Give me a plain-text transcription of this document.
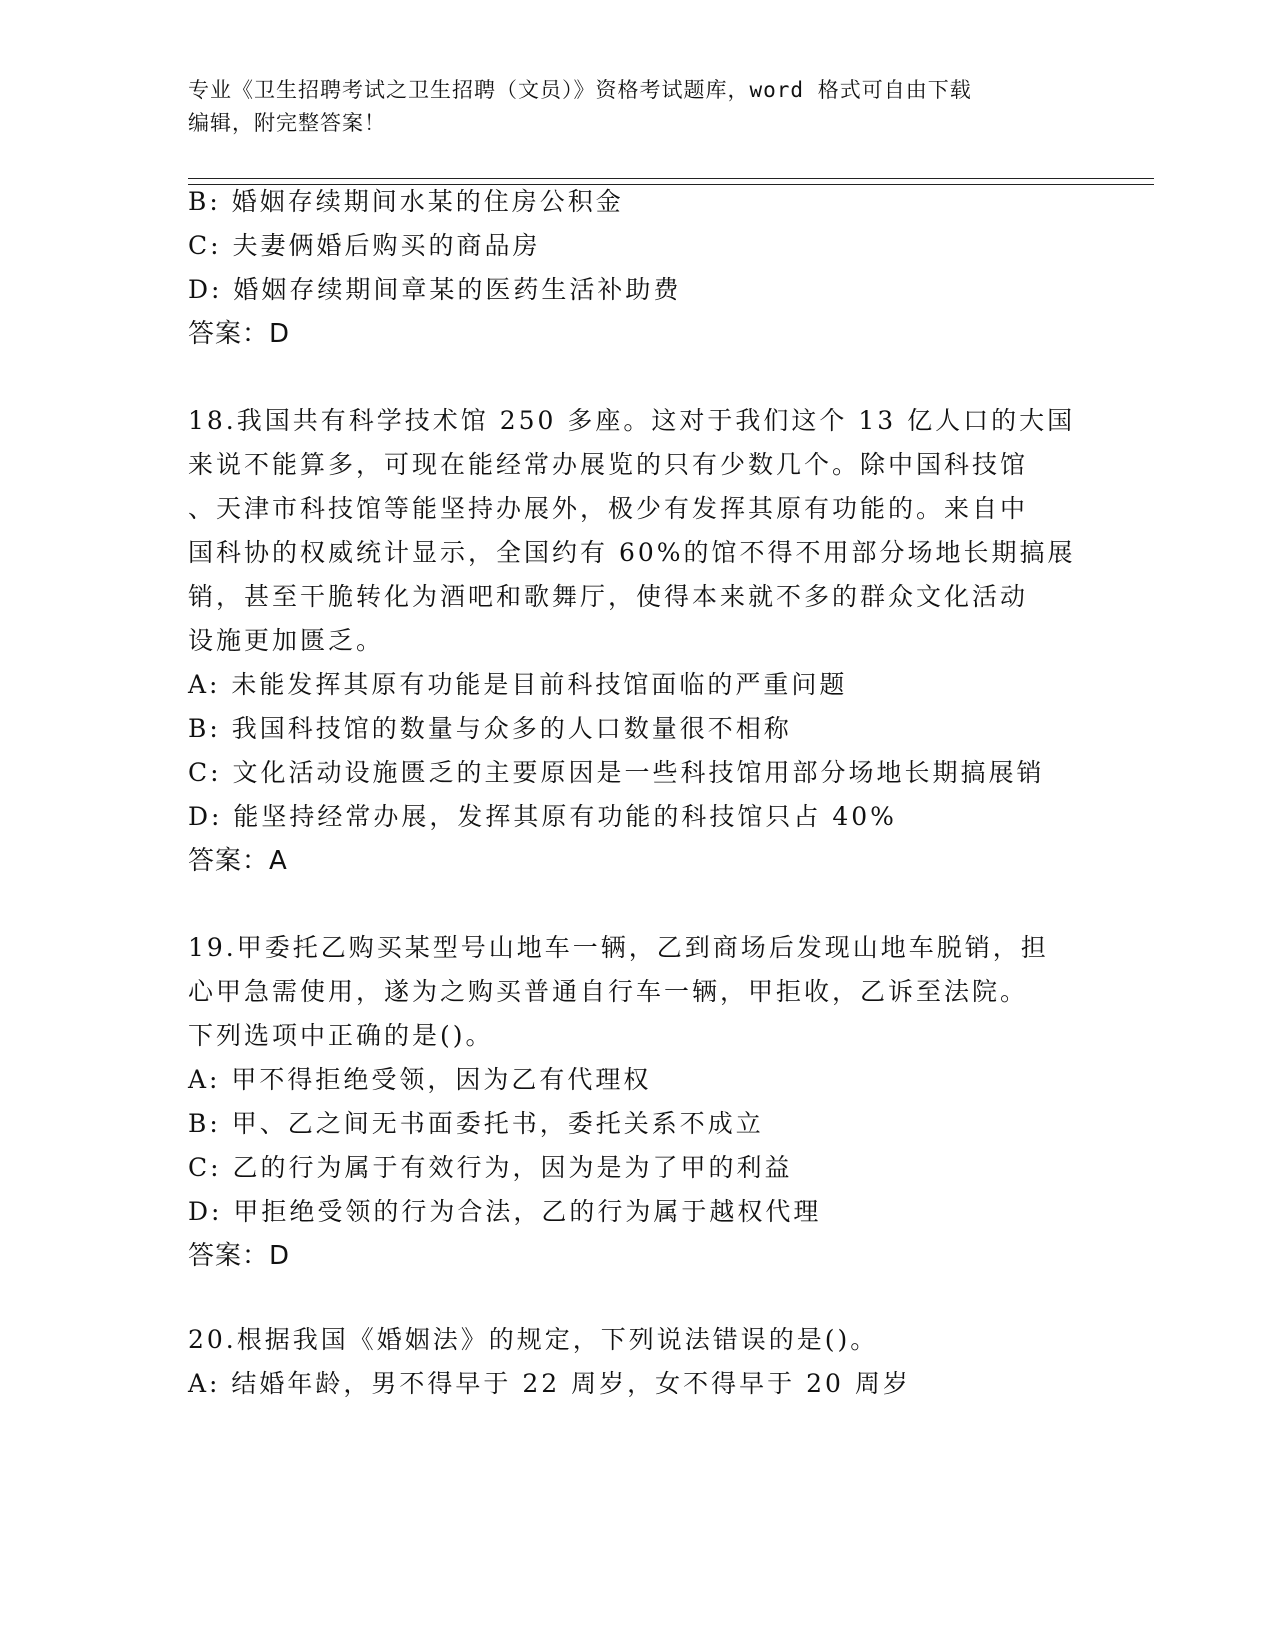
专业《卫生招聘考试之卫生招聘（文员）》资格考试题库，word 格式可自由下载
编辑，附完整答案！
B: 婚姻存续期间水某的住房公积金
C: 夫妻俩婚后购买的商品房
D: 婚姻存续期间章某的医药生活补助费
答案：D
18.我国共有科学技术馆 250 多座。这对于我们这个 13 亿人口的大国
来说不能算多，可现在能经常办展览的只有少数几个。除中国科技馆
、天津市科技馆等能坚持办展外，极少有发挥其原有功能的。来自中
国科协的权威统计显示，全国约有 60%的馆不得不用部分场地长期搞展
销，甚至干脆转化为酒吧和歌舞厅，使得本来就不多的群众文化活动
设施更加匮乏。
A: 未能发挥其原有功能是目前科技馆面临的严重问题
B: 我国科技馆的数量与众多的人口数量很不相称
C: 文化活动设施匮乏的主要原因是一些科技馆用部分场地长期搞展销
D: 能坚持经常办展，发挥其原有功能的科技馆只占 40%
答案：A
19.甲委托乙购买某型号山地车一辆，乙到商场后发现山地车脱销，担
心甲急需使用，遂为之购买普通自行车一辆，甲拒收，乙诉至法院。
下列选项中正确的是()。
A: 甲不得拒绝受领，因为乙有代理权
B: 甲、乙之间无书面委托书，委托关系不成立
C: 乙的行为属于有效行为，因为是为了甲的利益
D: 甲拒绝受领的行为合法，乙的行为属于越权代理
答案：D
20.根据我国《婚姻法》的规定，下列说法错误的是()。
A: 结婚年龄，男不得早于 22 周岁，女不得早于 20 周岁
